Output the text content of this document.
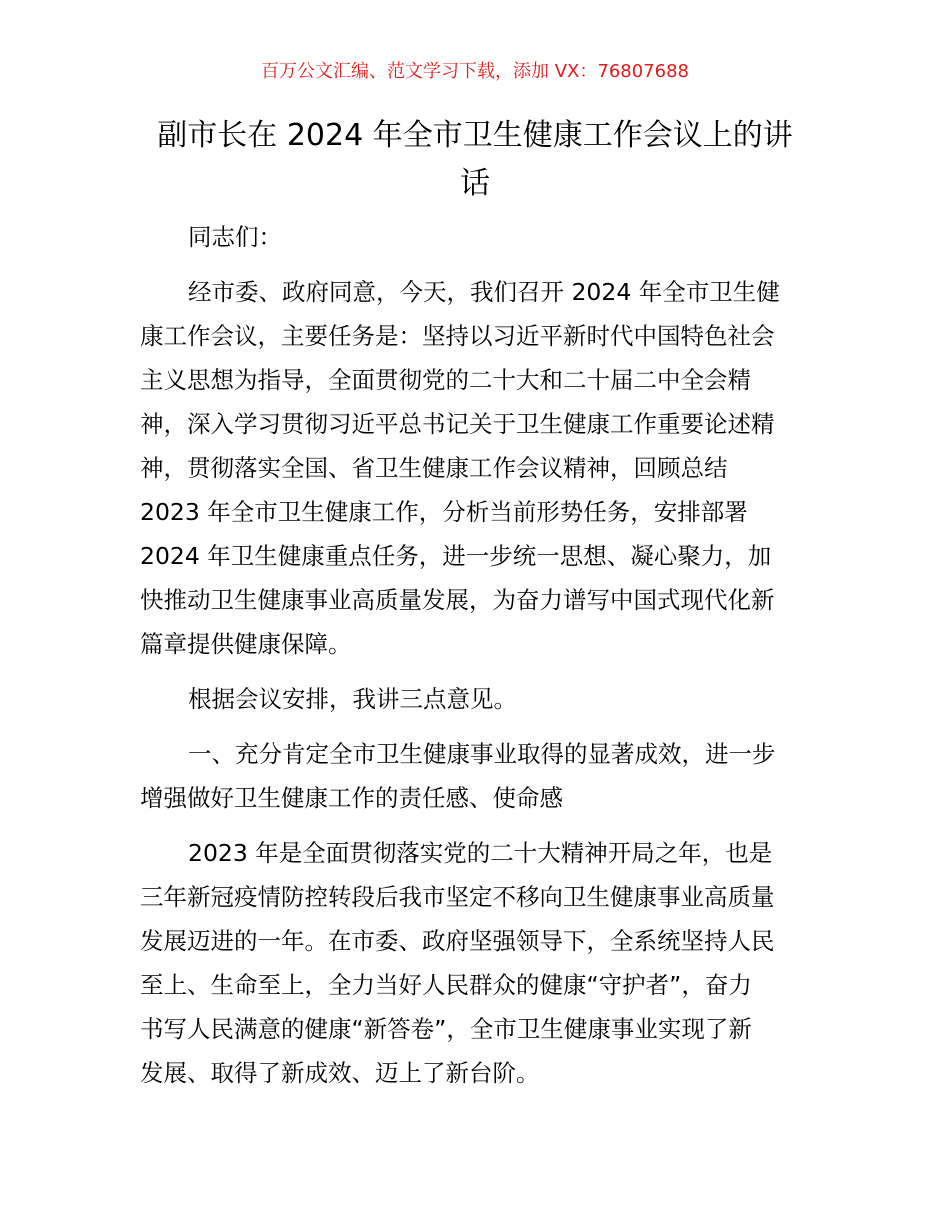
百万公文汇编、范文学习下载，添加 VX：76807688
副市长在 2024 年全市卫生健康工作会议上的讲
话
同志们：
经市委、政府同意，今天，我们召开 2024 年全市卫生健
康工作会议，主要任务是：坚持以习近平新时代中国特色社会
主义思想为指导，全面贯彻党的二十大和二十届二中全会精
神，深入学习贯彻习近平总书记关于卫生健康工作重要论述精
神，贯彻落实全国、省卫生健康工作会议精神，回顾总结
2023 年全市卫生健康工作，分析当前形势任务，安排部署
2024 年卫生健康重点任务，进一步统一思想、凝心聚力，加
快推动卫生健康事业高质量发展，为奋力谱写中国式现代化新
篇章提供健康保障。
根据会议安排，我讲三点意见。
一、充分肯定全市卫生健康事业取得的显著成效，进一步
增强做好卫生健康工作的责任感、使命感
2023 年是全面贯彻落实党的二十大精神开局之年，也是
三年新冠疫情防控转段后我市坚定不移向卫生健康事业高质量
发展迈进的一年。在市委、政府坚强领导下，全系统坚持人民
至上、生命至上，全力当好人民群众的健康“守护者”，奋力
书写人民满意的健康“新答卷”，全市卫生健康事业实现了新
发展、取得了新成效、迈上了新台阶。
